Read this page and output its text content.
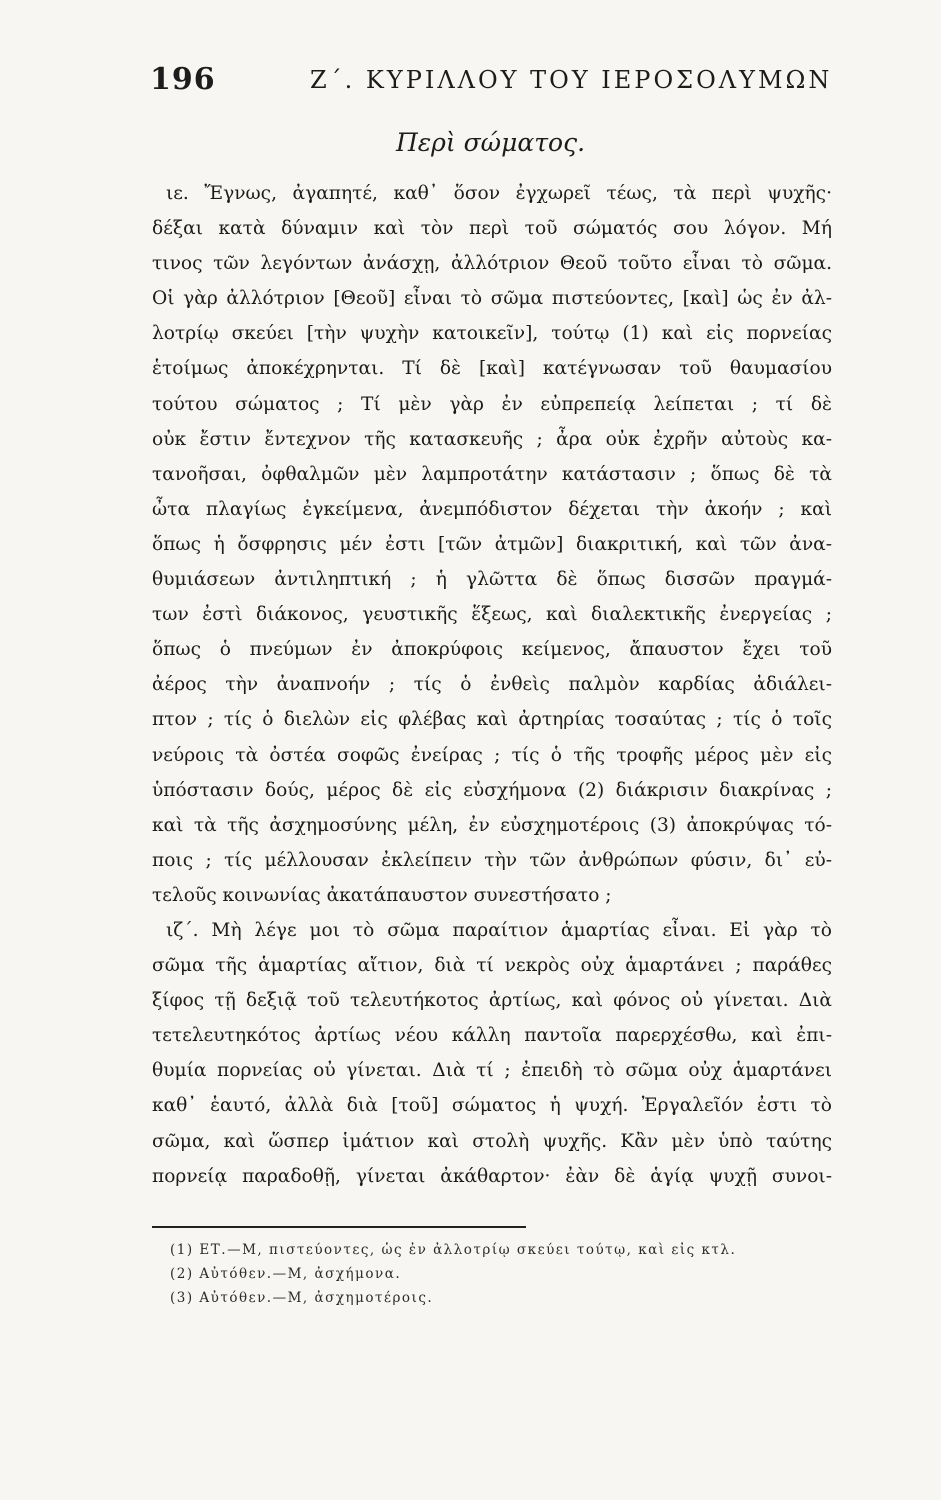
196	Ζ΄. ΚΥΡΙΛΛΟΥ ΤΟΥ ΙΕΡΟΣΟΛΥΜΩΝ
Περὶ σώματος.
ιε. Ἔγνως, ἀγαπητέ, καθ᾿ ὅσον ἐγχωρεῖ τέως, τὰ περὶ ψυχῆς·
δέξαι κατὰ δύναμιν καὶ τὸν περὶ τοῦ σώματός σου λόγον. Μή
τινος τῶν λεγόντων ἀνάσχῃ, ἀλλότριον Θεοῦ τοῦτο εἶναι τὸ σῶμα.
Οἱ γὰρ ἀλλότριον [Θεοῦ] εἶναι τὸ σῶμα πιστεύοντες, [καὶ] ὡς ἐν ἀλ-
λοτρίῳ σκεύει [τὴν ψυχὴν κατοικεῖν], τούτῳ (1) καὶ εἰς πορνείας
ἑτοίμως ἀποκέχρηνται. Τί δὲ [καὶ] κατέγνωσαν τοῦ θαυμασίου
τούτου σώματος ; Τί μὲν γὰρ ἐν εὐπρεπείᾳ λείπεται ; τί δὲ
οὐκ ἔστιν ἔντεχνον τῆς κατασκευῆς ; ἆρα οὐκ ἐχρῆν αὐτοὺς κα-
τανοῆσαι, ὀφθαλμῶν μὲν λαμπροτάτην κατάστασιν ; ὅπως δὲ τὰ
ὦτα πλαγίως ἐγκείμενα, ἀνεμπόδιστον δέχεται τὴν ἀκοήν ; καὶ
ὅπως ἡ ὄσφρησις μέν ἐστι [τῶν ἀτμῶν] διακριτική, καὶ τῶν ἀνα-
θυμιάσεων ἀντιληπτική ; ἡ γλῶττα δὲ ὅπως δισσῶν πραγμά-
των ἐστὶ διάκονος, γευστικῆς ἕξεως, καὶ διαλεκτικῆς ἐνεργείας ;
ὅπως ὁ πνεύμων ἐν ἀποκρύφοις κείμενος, ἄπαυστον ἔχει τοῦ
ἀέρος τὴν ἀναπνοήν ; τίς ὁ ἐνθεὶς παλμὸν καρδίας ἀδιάλει-
πτον ; τίς ὁ διελὼν εἰς φλέβας καὶ ἀρτηρίας τοσαύτας ; τίς ὁ τοῖς
νεύροις τὰ ὀστέα σοφῶς ἐνείρας ; τίς ὁ τῆς τροφῆς μέρος μὲν εἰς
ὑπόστασιν δούς, μέρος δὲ εἰς εὐσχήμονα (2) διάκρισιν διακρίνας ;
καὶ τὰ τῆς ἀσχημοσύνης μέλη, ἐν εὐσχημοτέροις (3) ἀποκρύψας τό-
ποις ; τίς μέλλουσαν ἐκλείπειν τὴν τῶν ἀνθρώπων φύσιν, δι᾿ εὐ-
τελοῦς κοινωνίας ἀκατάπαυστον συνεστήσατο ;
ιζ΄. Μὴ λέγε μοι τὸ σῶμα παραίτιον ἁμαρτίας εἶναι. Εἰ γὰρ τὸ
σῶμα τῆς ἁμαρτίας αἴτιον, διὰ τί νεκρὸς οὐχ ἁμαρτάνει ; παράθες
ξίφος τῇ δεξιᾷ τοῦ τελευτήκοτος ἀρτίως, καὶ φόνος οὐ γίνεται. Διὰ
τετελευτηκότος ἀρτίως νέου κάλλη παντοῖα παρερχέσθω, καὶ ἐπι-
θυμία πορνείας οὐ γίνεται. Διὰ τί ; ἐπειδὴ τὸ σῶμα οὐχ ἁμαρτάνει
καθ᾿ ἑαυτό, ἀλλὰ διὰ [τοῦ] σώματος ἡ ψυχή. Ἐργαλεῖόν ἐστι τὸ
σῶμα, καὶ ὥσπερ ἱμάτιον καὶ στολὴ ψυχῆς. Κἂν μὲν ὑπὸ ταύτης
πορνείᾳ παραδοθῇ, γίνεται ἀκάθαρτον· ἐὰν δὲ ἁγίᾳ ψυχῇ συνοι-
(1) ΕΤ.—Μ, πιστεύοντες, ὡς ἐν ἀλλοτρίῳ σκεύει τούτῳ, καὶ εἰς κτλ.
(2) Αὐτόθεν.—Μ, ἀσχήμονα.
(3) Αὐτόθεν.—Μ, ἀσχημοτέροις.
